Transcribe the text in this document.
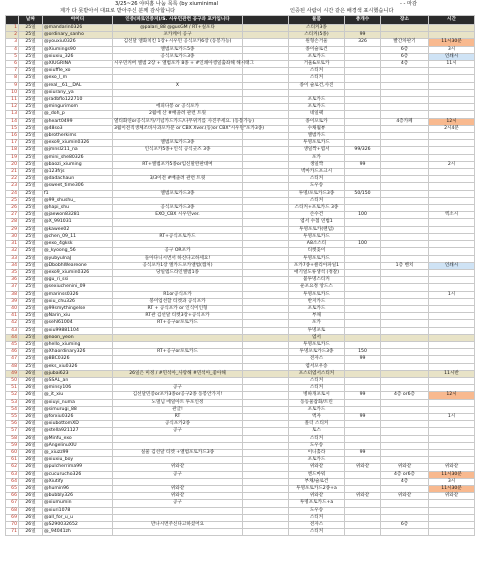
3/25~26 야띠홈 나눔 목록 (by xiuminimal
제가 다 못받아서 대표로 받아주신 분께 감사합니다	인증된 사람이 시간 같은 배경색 표시했습니다
- - 마감
	날짜	아이디	인증(파로인증지)/S. 시우민관련 공구과 포카입니다		물품	총개수	장소	시간
1	25일	@mandarin0326	@palari_88 @gusGM / RT+실포타		스티커3종			
2	25일	@ordinary_sanho	포카케이 공구		스티커(5종)	99		
3	25일	@youxiu0326	김선달 앨화치킨 1장+시우민 공식포카6장 (동봉가능)		원형손거울	326	빨간차판기	11시30분
4	25일	@Xiumings90	앨범포토카드5종		종이슬로건		6층	3시
5	25일	@xiuxiu_326	공식포토카드3종		포토카드		6층	인쇄시
6	25일	@XIUGRINA	시우민커버 앨범 2장 + 앨범포카 8종 + #인쇄아셍일출좌해 해시태그		거울&포토카		4층	11시
7	25일	@xiuffle_xo			스티커			
8	25일	@exo_l_m			스티커			
9	25일	@real__61__DAL	X		종이 슬로건,사진			
10	25일	@xiurany_ya						
11	25일	@radbflo122710			포토카드			
12	25일	@mingurimom	에피다봉 or 공식포카		포토카드			
13	25일	@_doh_p	2월에 산 #배졸려 관련 트윗		네일팩			
14	25일	@heart0499	열티화연or공식포카/기념카드카드/나무위키를 사진주세요. (동봉가능)		종이포토카		4층카페	12시
15	25일	@48so3	3월이전직생체조바사과포카분 or CBX Xver.(동)or CBX"시우민"포카3종)		수채월뷰			2시4분
16	25일	@brotherkims			앨범카드			
17	25일	@exo9_xiumin0326	앨범포토카드3종		투명포토카드			
18	25일	@jmnsl211_na	인식포카5종+인식 공식굿즈 3종		생일짝+엽서	99/326		
19	25일	@mini_she80326			포카			
20	25일	@baozi_xiuming	RT+앨범포카5종or임신말완판대여		생일짝	99		2시
21	25일	@123frjs			벽마카드포크시			
22	25일	@dadachaun	3/3이전 #배졸려 관련 트윗		스티커			
23	25일	@sweet_time306			도우송			
24	25일	f1	앨범포토카드3종		투명/포토카드3종	50/150		
25	25일	@99_shushu_			스티커			
26	25일	@hapi_shu	공식포토카드3종		스티커+포토카드 3종			
27	25일	@jaewon83281	EXO_CBX 시우민ver.		손수건	100		엑소시
28	25일	@X_991031			엽서 수첩 연법1			
29	25일	@kawee02			투명포토카(랜덤)			
30	25일	@chen_09_11	RT+공식포토카드		투명포토카드			
31	25일	@exo_4gksk			A8소스티	100		
32	25일	@_kyoong_56	공구 OR포카		티켓꽂이			
33	25일	@yubyulnaJ	돌아다니시면서 하신다고하세요!		투명포토카드			
34	25일	@DbobhWeareone	공식포카1장 엘카드포카앨범(캡처)		포카7종+클리아파일1		1층 벤치	인쇄시
35	25일	@exo9_xiumin0326	당일엠드라인앨범1종		애기얼도류생석 (정찰)			
36	25일	@gu_ri_ssi			불투명스티커			
37	25일	@sexiuchenini_09			운포요정 앙드스			
38	25일	@marinss0326	R1or공식포카		투명포토카드			1시
39	25일	@xiu_chu326	붕이업선할 티켓과 공식포카		반지카드			
40	25일	@99smythingelse	RT + 공식포카 or 인식이인형		포토카드			
41	25일	@Narin_xiu	RT관 김선달 티켓3장+공식포카		부채			
42	25일	@sehl61004	RT+공구or포토카드		포카			
43	25일	@xiu99881104			투명포토			
44	25일	@noon_yeon			엽서			
45	25일	@hello_xiuming			투명포토카드			
46	25일	@Xhaordinary326	RT+공구or포토카드		투명포토카드3종	150		
47	25일	@8BC0326			전자스	99		
48	25일	@eks_xiu0326			엽서포우송			
49	26일	@jubai623	26일은 미정 / #민석아_사랑해 #민석아_좋아해		포스터엽서스티커			11시반
50	26일	@SSAL_an			스티커			
51	26일	@minsy106	공구		스티커			
52	26일	@_it_xiu	김선달민증or포카3종or공구2종 동봉안가지!		병따개포토시	99	4층 or6층	12시
53	26일	@xiuyi_numa	노멀님 에일아트 투포인정		동동물잡화/트린			
54	26일	@simurugi_88	관글!		포토카드			
55	26일	@forxiu0326	RT		액자	99		1시
56	26일	@xiubottomXD	공식포카2종		폴더 스티커			
57	26일	@stella921127	공구		토스			
58	26일	@Minfu_exo			스티커			
59	26일	@AngelinuXIU			도우송			
60	26일	@_xiuzz99	실물 김선달 티켓 +앨범포토카드3종		이니홀라	99		
61	26일	@xiuxiu_boy			포토카드			
62	26일	@pulcherrima99	위와같		위와같	위와같	위와같	위와같
63	26일	@cucurucho326	공구		엔드마워		4층 or6층	11시30분
64	26일	@Xiutify			부채/슬로건		4층	3시
65	26일	@humin96	위와같		투명포토카드2종+a			11시30분
66	26일	@bubbly326	위와같		위와같	위와같	위와같	위와같
67	26일	@xiumumin	공구		투명포토카드+a			
68	26일	@xiuri1078			도우송			
69	26일	@all_for_u_u			스티커			
70	26일	@S290032652	만나시면주신다고하셨어요		전자스		6층	
71	26일	@_94041zh			스티커			
